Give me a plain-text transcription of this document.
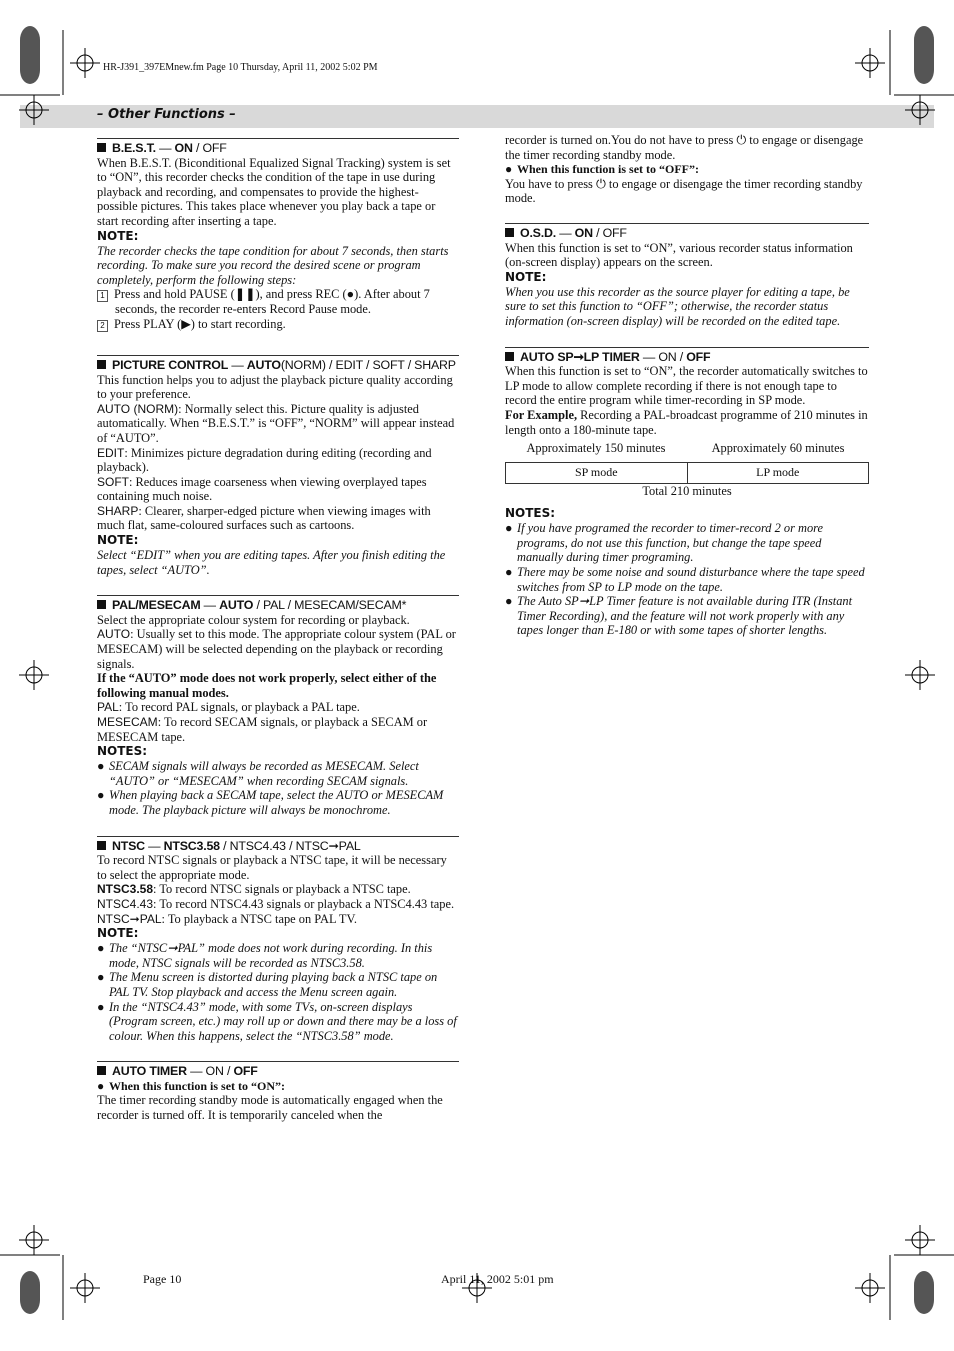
HR-J391_397EMnew.fm Page 10 Thursday, April 11, 2002 5:02 PM
– Other Functions –

B.E.S.T. — ON / OFF

When B.E.S.T. (Biconditional Equalized Signal Tracking) system is set to “ON”, this recorder checks the condition of the tape in use during playback and recording, and compensates to provide the highest-possible pictures. This takes place whenever you play back a tape or start recording after inserting a tape.

NOTE:

The recorder checks the tape condition for about 7 seconds, then starts recording. To make sure you record the desired scene or program completely, perform the following steps:

1 Press and hold PAUSE (❚❚), and press REC (●). After about 7 seconds, the recorder re-enters Record Pause mode.

2 Press PLAY (▶) to start recording.

PICTURE CONTROL — AUTO(NORM) / EDIT / SOFT / SHARP

This function helps you to adjust the playback picture quality according to your preference.

AUTO (NORM): Normally select this. Picture quality is adjusted automatically. When “B.E.S.T.” is “OFF”, “NORM” will appear instead of “AUTO”.

EDIT: Minimizes picture degradation during editing (recording and playback).

SOFT: Reduces image coarseness when viewing overplayed tapes containing much noise.

SHARP: Clearer, sharper-edged picture when viewing images with much flat, same-coloured surfaces such as cartoons.

NOTE:

Select “EDIT” when you are editing tapes. After you finish editing the tapes, select “AUTO”.

PAL/MESECAM — AUTO / PAL / MESECAM/SECAM*

Select the appropriate colour system for recording or playback.

AUTO: Usually set to this mode. The appropriate colour system (PAL or MESECAM) will be selected depending on the playback or recording signals.

If the “AUTO” mode does not work properly, select either of the following manual modes.

PAL: To record PAL signals, or playback a PAL tape.

MESECAM: To record SECAM signals, or playback a SECAM or MESECAM tape.

NOTES:

● SECAM signals will always be recorded as MESECAM. Select “AUTO” or “MESECAM” when recording SECAM signals.

● When playing back a SECAM tape, select the AUTO or MESECAM mode. The playback picture will always be monochrome.

NTSC — NTSC3.58 / NTSC4.43 / NTSC➞PAL

To record NTSC signals or playback a NTSC tape, it will be necessary to select the appropriate mode.

NTSC3.58: To record NTSC signals or playback a NTSC tape.

NTSC4.43: To record NTSC4.43 signals or playback a NTSC4.43 tape.

NTSC➞PAL: To playback a NTSC tape on PAL TV.

NOTE:

● The “NTSC➞PAL” mode does not work during recording. In this mode, NTSC signals will be recorded as NTSC3.58.

● The Menu screen is distorted during playing back a NTSC tape on PAL TV. Stop playback and access the Menu screen again.

● In the “NTSC4.43” mode, with some TVs, on-screen displays (Program screen, etc.) may roll up or down and there may be a loss of colour. When this happens, select the “NTSC3.58” mode.

AUTO TIMER — ON / OFF

● When this function is set to “ON”:

The timer recording standby mode is automatically engaged when the recorder is turned off. It is temporarily canceled when the

recorder is turned on.You do not have to press ⏻ to engage or disengage the timer recording standby mode.

● When this function is set to “OFF”:

You have to press ⏻ to engage or disengage the timer recording standby mode.

O.S.D. — ON / OFF

When this function is set to “ON”, various recorder status information (on-screen display) appears on the screen.

NOTE:

When you use this recorder as the source player for editing a tape, be sure to set this function to “OFF”; otherwise, the recorder status information (on-screen display) will be recorded on the edited tape.

AUTO SP➞LP TIMER — ON / OFF

When this function is set to “ON”, the recorder automatically switches to LP mode to allow complete recording if there is not enough tape to record the entire program while timer-recording in SP mode.

For Example, Recording a PAL-broadcast programme of 210 minutes in length onto a 180-minute tape.

Approximately 150 minutes	Approximately 60 minutes
SP mode	LP mode

Total 210 minutes

NOTES:

● If you have programed the recorder to timer-record 2 or more programs, do not use this function, but change the tape speed manually during timer programing.

● There may be some noise and sound disturbance where the tape speed switches from SP to LP mode on the tape.

● The Auto SP➞LP Timer feature is not available during ITR (Instant Timer Recording), and the feature will not work properly with any tapes longer than E-180 or with some tapes of shorter lengths.

Page 10	April 11, 2002 5:01 pm
